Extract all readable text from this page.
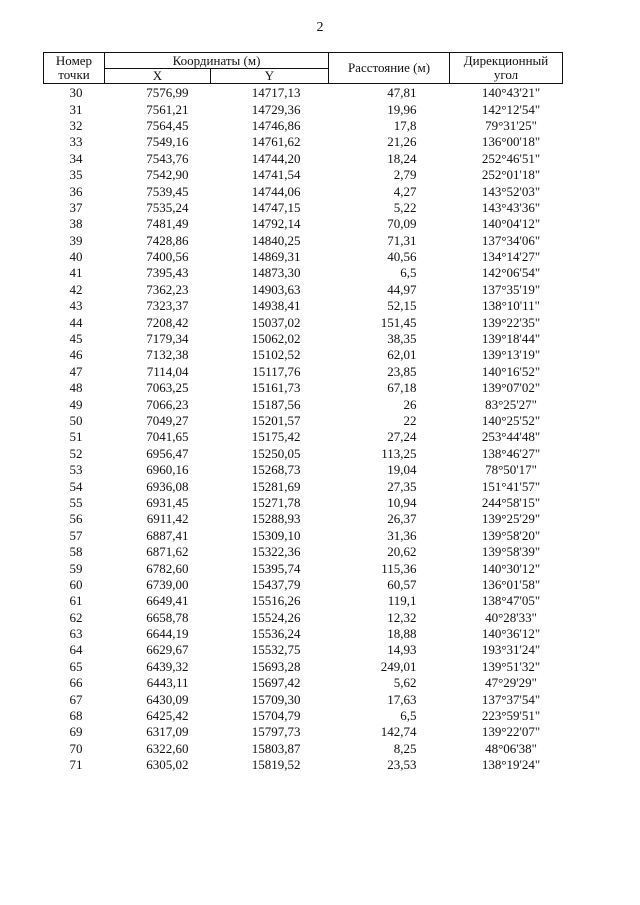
2
Номер точки	Координаты (м)		Расстояние (м)	Дирекционный угол
	X	Y		
30	7576,99	14717,13	47,81	140°43'21"
31	7561,21	14729,36	19,96	142°12'54"
32	7564,45	14746,86	17,8	79°31'25"
33	7549,16	14761,62	21,26	136°00'18"
34	7543,76	14744,20	18,24	252°46'51"
35	7542,90	14741,54	2,79	252°01'18"
36	7539,45	14744,06	4,27	143°52'03"
37	7535,24	14747,15	5,22	143°43'36"
38	7481,49	14792,14	70,09	140°04'12"
39	7428,86	14840,25	71,31	137°34'06"
40	7400,56	14869,31	40,56	134°14'27"
41	7395,43	14873,30	6,5	142°06'54"
42	7362,23	14903,63	44,97	137°35'19"
43	7323,37	14938,41	52,15	138°10'11"
44	7208,42	15037,02	151,45	139°22'35"
45	7179,34	15062,02	38,35	139°18'44"
46	7132,38	15102,52	62,01	139°13'19"
47	7114,04	15117,76	23,85	140°16'52"
48	7063,25	15161,73	67,18	139°07'02"
49	7066,23	15187,56	26	83°25'27"
50	7049,27	15201,57	22	140°25'52"
51	7041,65	15175,42	27,24	253°44'48"
52	6956,47	15250,05	113,25	138°46'27"
53	6960,16	15268,73	19,04	78°50'17"
54	6936,08	15281,69	27,35	151°41'57"
55	6931,45	15271,78	10,94	244°58'15"
56	6911,42	15288,93	26,37	139°25'29"
57	6887,41	15309,10	31,36	139°58'20"
58	6871,62	15322,36	20,62	139°58'39"
59	6782,60	15395,74	115,36	140°30'12"
60	6739,00	15437,79	60,57	136°01'58"
61	6649,41	15516,26	119,1	138°47'05"
62	6658,78	15524,26	12,32	40°28'33"
63	6644,19	15536,24	18,88	140°36'12"
64	6629,67	15532,75	14,93	193°31'24"
65	6439,32	15693,28	249,01	139°51'32"
66	6443,11	15697,42	5,62	47°29'29"
67	6430,09	15709,30	17,63	137°37'54"
68	6425,42	15704,79	6,5	223°59'51"
69	6317,09	15797,73	142,74	139°22'07"
70	6322,60	15803,87	8,25	48°06'38"
71	6305,02	15819,52	23,53	138°19'24"
